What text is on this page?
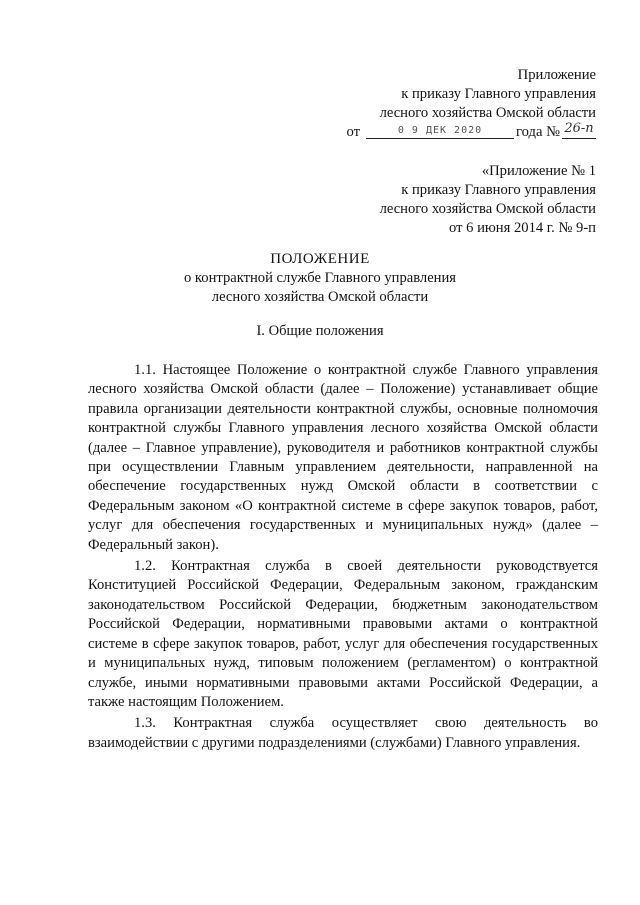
Приложение
к приказу Главного управления
лесного хозяйства Омской области
от	$^{0 9 ДЕК 2020}$ года № 26-п
«Приложение № 1
к приказу Главного управления
лесного хозяйства Омской области
от 6 июня 2014 г. № 9-п
ПОЛОЖЕНИЕ
о контрактной службе Главного управления
лесного хозяйства Омской области
I. Общие положения

1.1. Настоящее Положение о контрактной службе Главного управления лесного хозяйства Омской области (далее – Положение) устанавливает общие правила организации деятельности контрактной службы, основные полномочия контрактной службы Главного управления лесного хозяйства Омской области (далее – Главное управление), руководителя и работников контрактной службы при осуществлении Главным управлением деятельности, направленной на обеспечение государственных нужд Омской области в соответствии с Федеральным законом «О контрактной системе в сфере закупок товаров, работ, услуг для обеспечения государственных и муниципальных нужд» (далее – Федеральный закон).

1.2. Контрактная служба в своей деятельности руководствуется Конституцией Российской Федерации, Федеральным законом, гражданским законодательством Российской Федерации, бюджетным законодательством Российской Федерации, нормативными правовыми актами о контрактной системе в сфере закупок товаров, работ, услуг для обеспечения государственных и муниципальных нужд, типовым положением (регламентом) о контрактной службе, иными нормативными правовыми актами Российской Федерации, а также настоящим Положением.

1.3. Контрактная служба осуществляет свою деятельность во взаимодействии с другими подразделениями (службами) Главного управления.
